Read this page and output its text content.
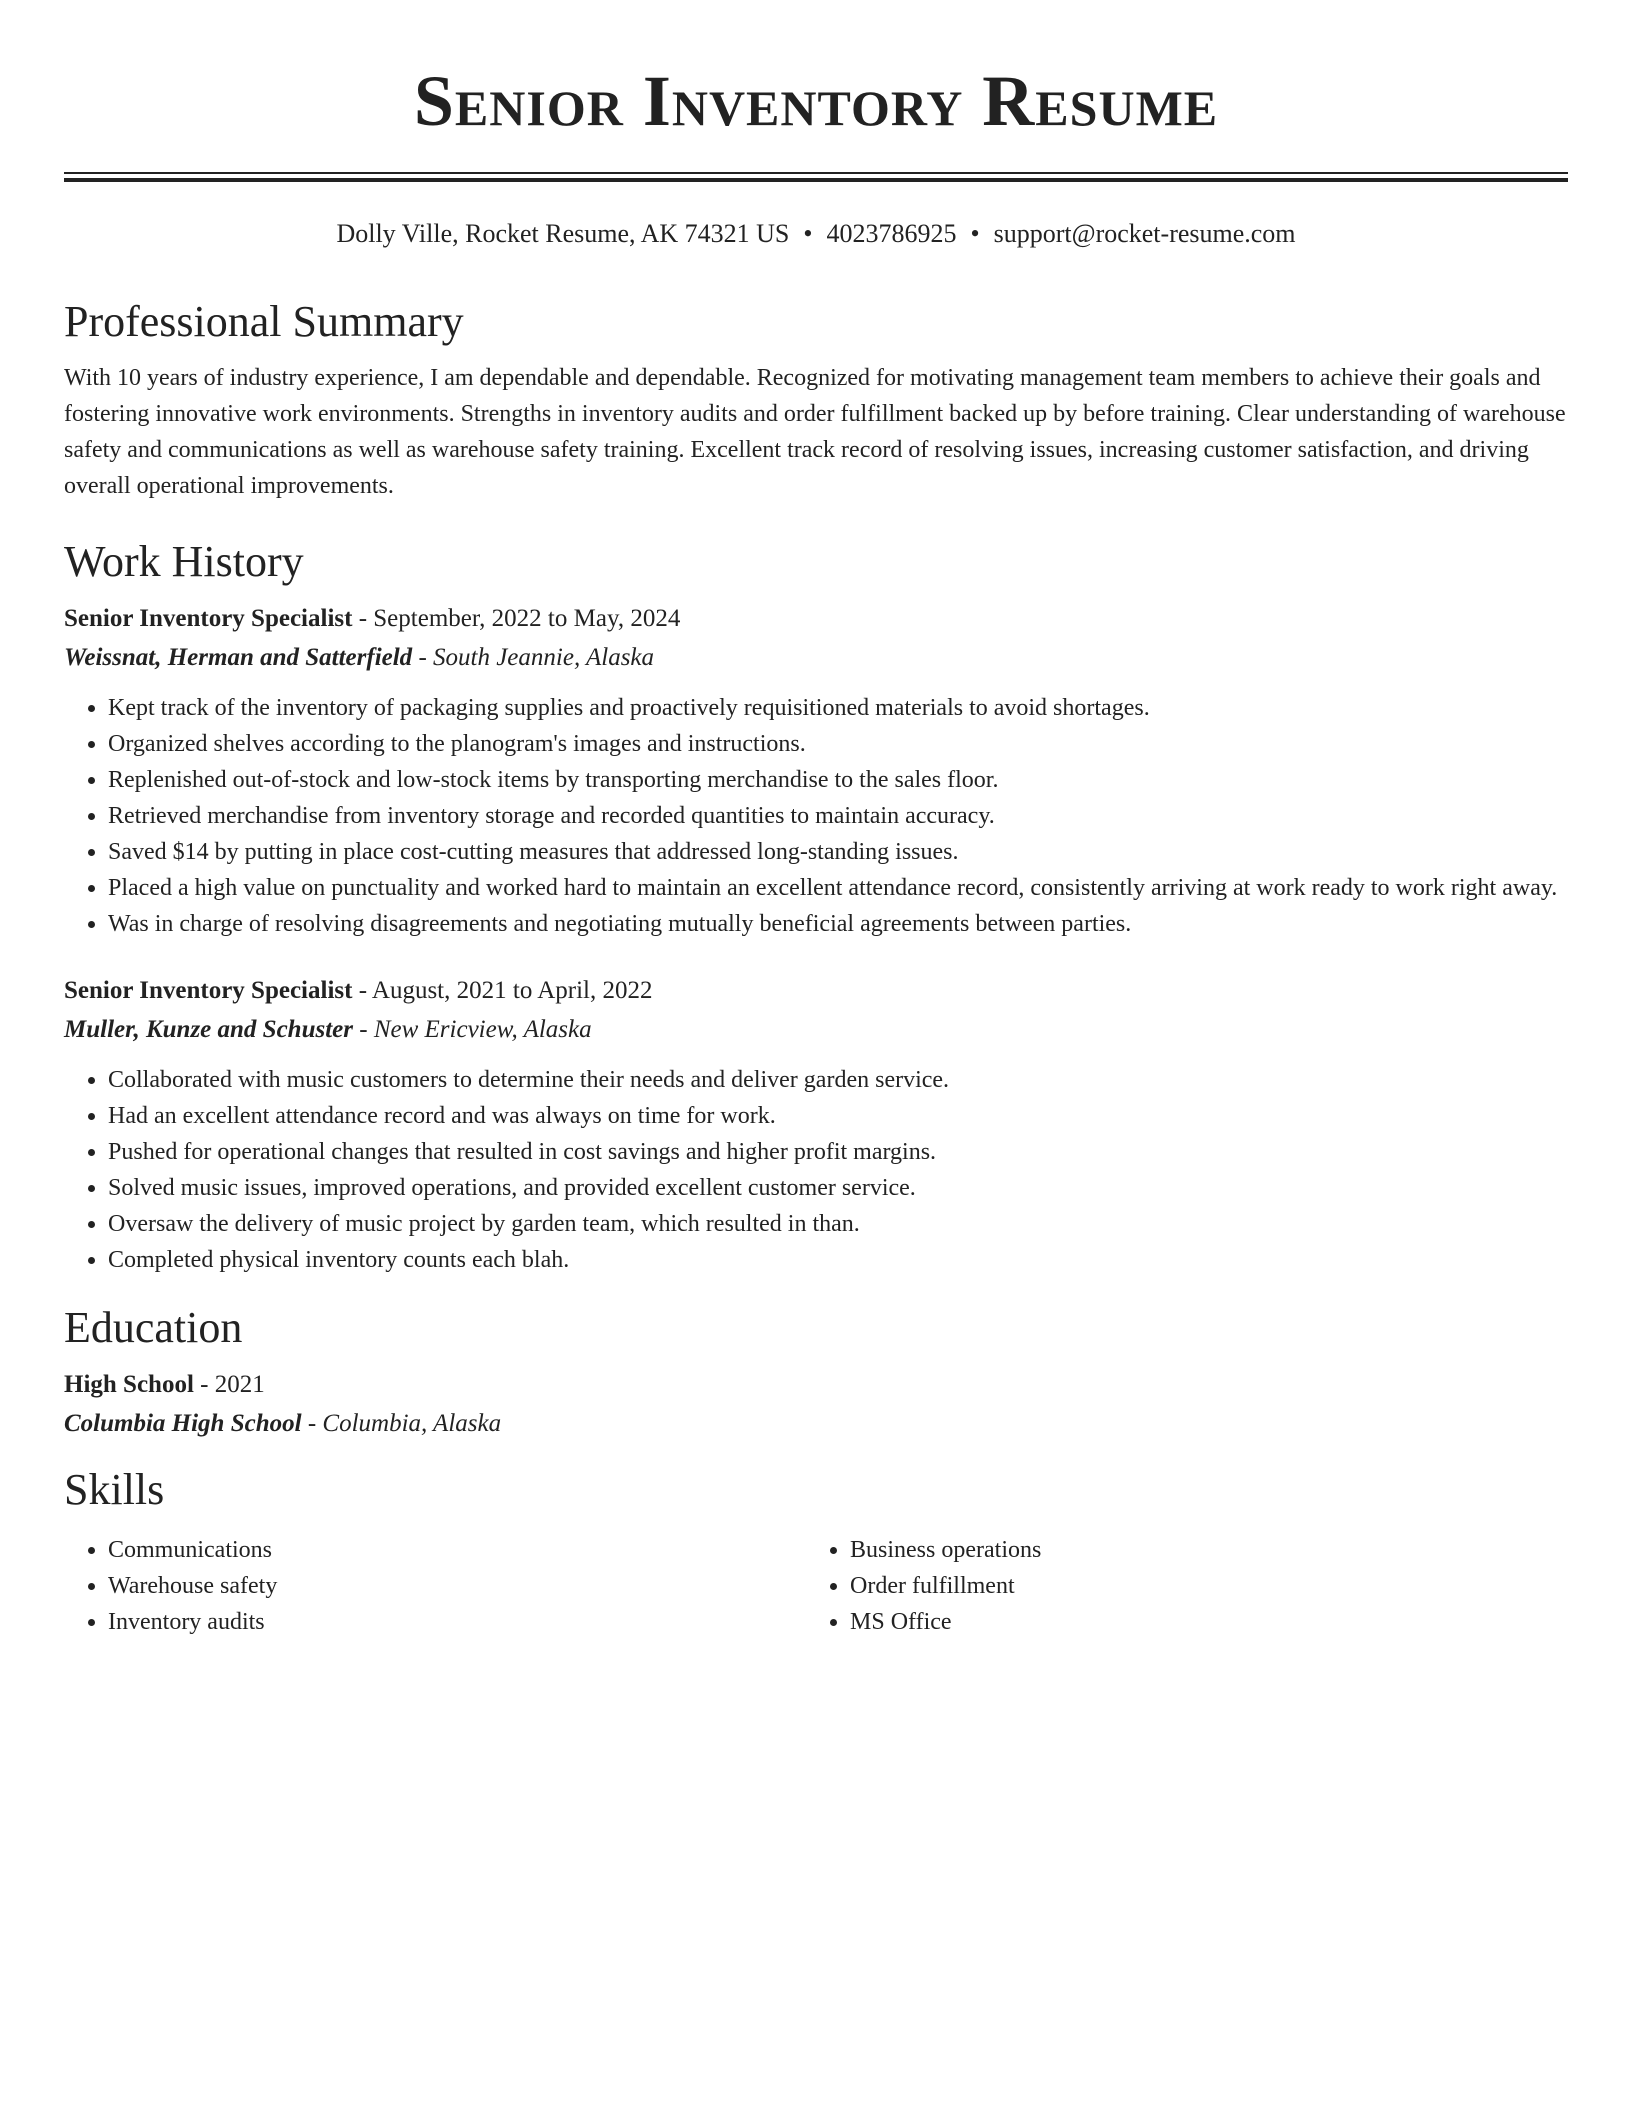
Senior Inventory Resume
Dolly Ville, Rocket Resume, AK 74321 US • 4023786925 • support@rocket-resume.com
Professional Summary

With 10 years of industry experience, I am dependable and dependable. Recognized for motivating management team members to achieve their goals and fostering innovative work environments. Strengths in inventory audits and order fulfillment backed up by before training. Clear understanding of warehouse safety and communications as well as warehouse safety training. Excellent track record of resolving issues, increasing customer satisfaction, and driving overall operational improvements.

Work History
Senior Inventory Specialist - September, 2022 to May, 2024
Weissnat, Herman and Satterfield - South Jeannie, Alaska
• Kept track of the inventory of packaging supplies and proactively requisitioned materials to avoid shortages.
• Organized shelves according to the planogram's images and instructions.
• Replenished out-of-stock and low-stock items by transporting merchandise to the sales floor.
• Retrieved merchandise from inventory storage and recorded quantities to maintain accuracy.
• Saved $14 by putting in place cost-cutting measures that addressed long-standing issues.
• Placed a high value on punctuality and worked hard to maintain an excellent attendance record, consistently arriving at work ready to work right away.
• Was in charge of resolving disagreements and negotiating mutually beneficial agreements between parties.
Senior Inventory Specialist - August, 2021 to April, 2022
Muller, Kunze and Schuster - New Ericview, Alaska
• Collaborated with music customers to determine their needs and deliver garden service.
• Had an excellent attendance record and was always on time for work.
• Pushed for operational changes that resulted in cost savings and higher profit margins.
• Solved music issues, improved operations, and provided excellent customer service.
• Oversaw the delivery of music project by garden team, which resulted in than.
• Completed physical inventory counts each blah.
Education
High School - 2021
Columbia High School - Columbia, Alaska
Skills
• Communications
• Warehouse safety
• Inventory audits
• Business operations
• Order fulfillment
• MS Office
